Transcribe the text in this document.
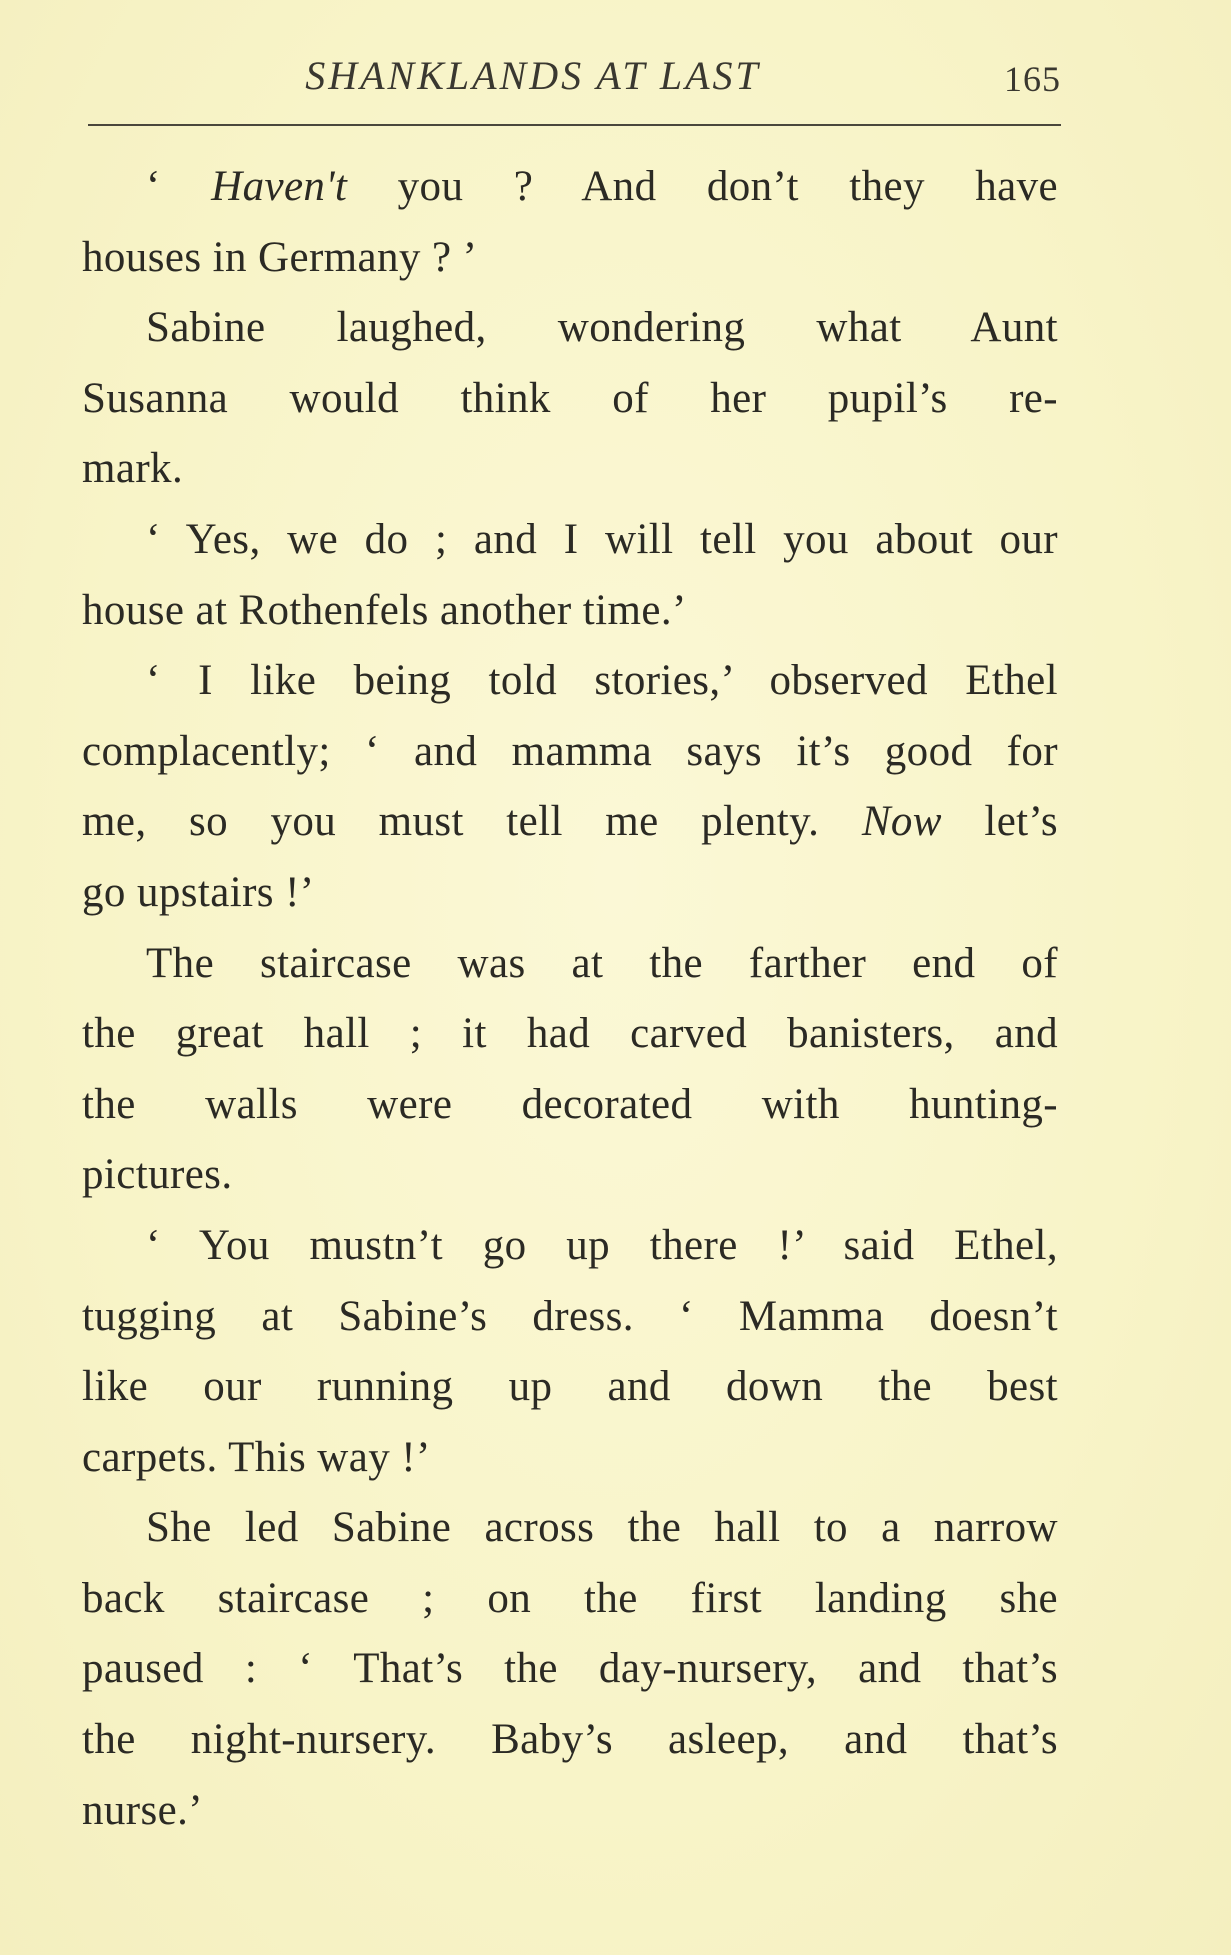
SHANKLANDS AT LAST	165
‘ Haven't you ? And don’t they have
houses in Germany ? ’
Sabine laughed, wondering what Aunt
Susanna would think of her pupil’s re-
mark.
‘ Yes, we do ; and I will tell you about our
house at Rothenfels another time.’
‘ I like being told stories,’ observed Ethel
complacently; ‘ and mamma says it’s good for
me, so you must tell me plenty. Now let’s
go upstairs !’
The staircase was at the farther end of
the great hall ; it had carved banisters, and
the walls were decorated with hunting-
pictures.
‘ You mustn’t go up there !’ said Ethel,
tugging at Sabine’s dress. ‘ Mamma doesn’t
like our running up and down the best
carpets. This way !’
She led Sabine across the hall to a narrow
back staircase ; on the first landing she
paused : ‘ That’s the day-nursery, and that’s
the night-nursery. Baby’s asleep, and that’s
nurse.’
